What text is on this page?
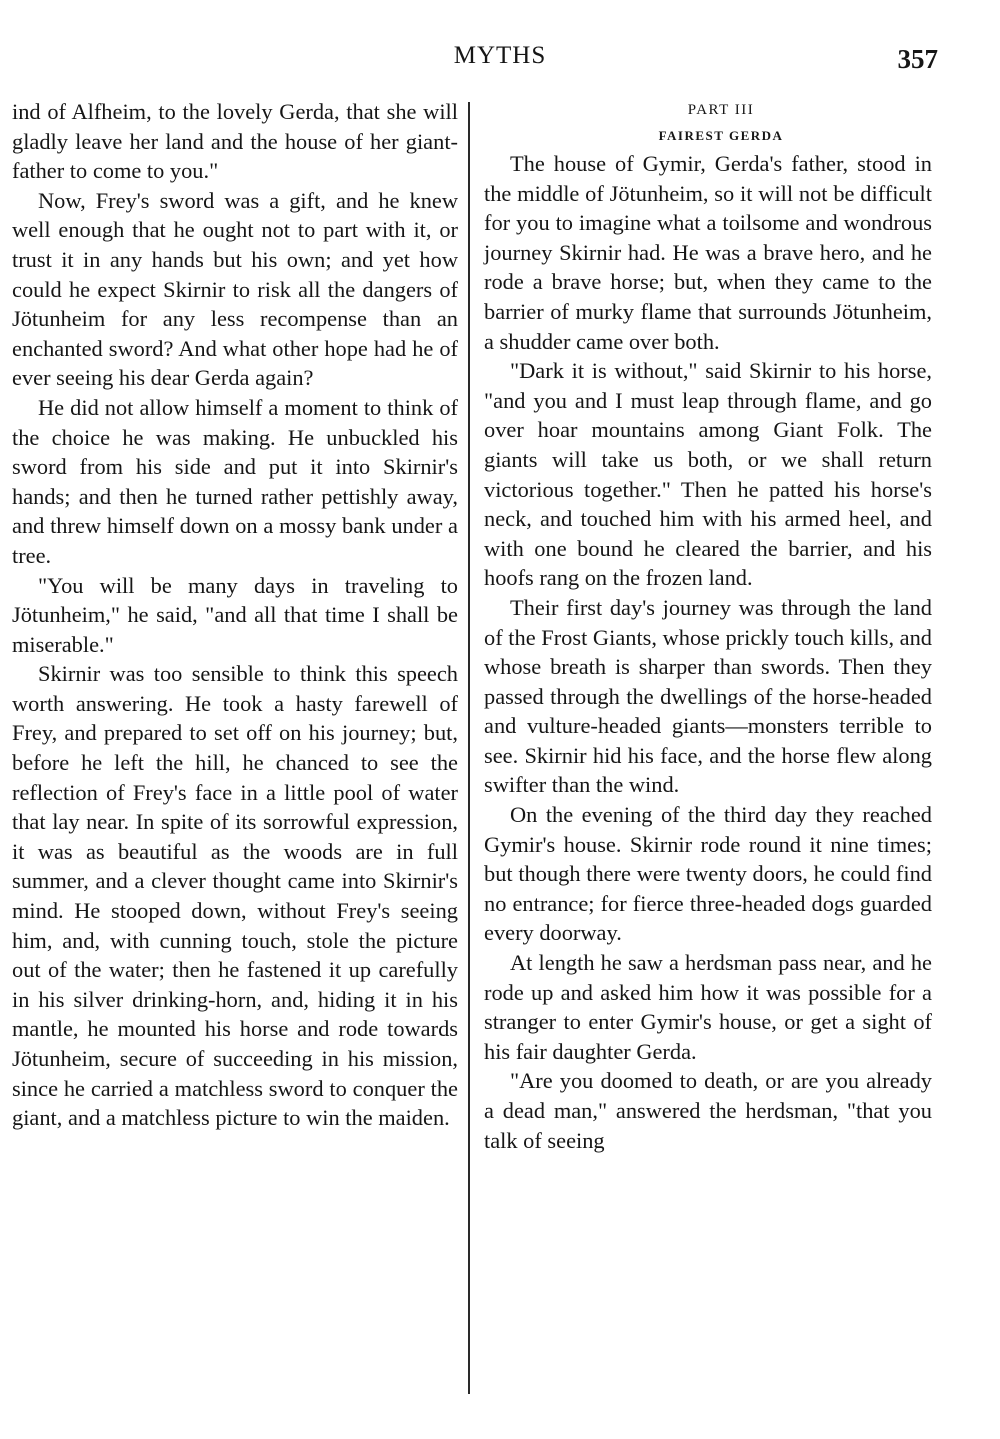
MYTHS	357

ind of Alfheim, to the lovely Gerda, that she will gladly leave her land and the house of her giant-father to come to you."

Now, Frey's sword was a gift, and he knew well enough that he ought not to part with it, or trust it in any hands but his own; and yet how could he expect Skirnir to risk all the dangers of Jötunheim for any less recompense than an enchanted sword? And what other hope had he of ever seeing his dear Gerda again?

He did not allow himself a moment to think of the choice he was making. He unbuckled his sword from his side and put it into Skirnir's hands; and then he turned rather pettishly away, and threw himself down on a mossy bank under a tree.

"You will be many days in traveling to Jötunheim," he said, "and all that time I shall be miserable."

Skirnir was too sensible to think this speech worth answering. He took a hasty farewell of Frey, and prepared to set off on his journey; but, before he left the hill, he chanced to see the reflection of Frey's face in a little pool of water that lay near. In spite of its sorrowful expression, it was as beautiful as the woods are in full summer, and a clever thought came into Skirnir's mind. He stooped down, without Frey's seeing him, and, with cunning touch, stole the picture out of the water; then he fastened it up carefully in his silver drinking-horn, and, hiding it in his mantle, he mounted his horse and rode towards Jötunheim, secure of succeeding in his mission, since he carried a matchless sword to conquer the giant, and a matchless picture to win the maiden.

PART III

FAIREST GERDA

The house of Gymir, Gerda's father, stood in the middle of Jötunheim, so it will not be difficult for you to imagine what a toilsome and wondrous journey Skirnir had. He was a brave hero, and he rode a brave horse; but, when they came to the barrier of murky flame that surrounds Jötunheim, a shudder came over both.

"Dark it is without," said Skirnir to his horse, "and you and I must leap through flame, and go over hoar mountains among Giant Folk. The giants will take us both, or we shall return victorious together." Then he patted his horse's neck, and touched him with his armed heel, and with one bound he cleared the barrier, and his hoofs rang on the frozen land.

Their first day's journey was through the land of the Frost Giants, whose prickly touch kills, and whose breath is sharper than swords. Then they passed through the dwellings of the horse-headed and vulture-headed giants—monsters terrible to see. Skirnir hid his face, and the horse flew along swifter than the wind.

On the evening of the third day they reached Gymir's house. Skirnir rode round it nine times; but though there were twenty doors, he could find no entrance; for fierce three-headed dogs guarded every doorway.

At length he saw a herdsman pass near, and he rode up and asked him how it was possible for a stranger to enter Gymir's house, or get a sight of his fair daughter Gerda.

"Are you doomed to death, or are you already a dead man," answered the herdsman, "that you talk of seeing
